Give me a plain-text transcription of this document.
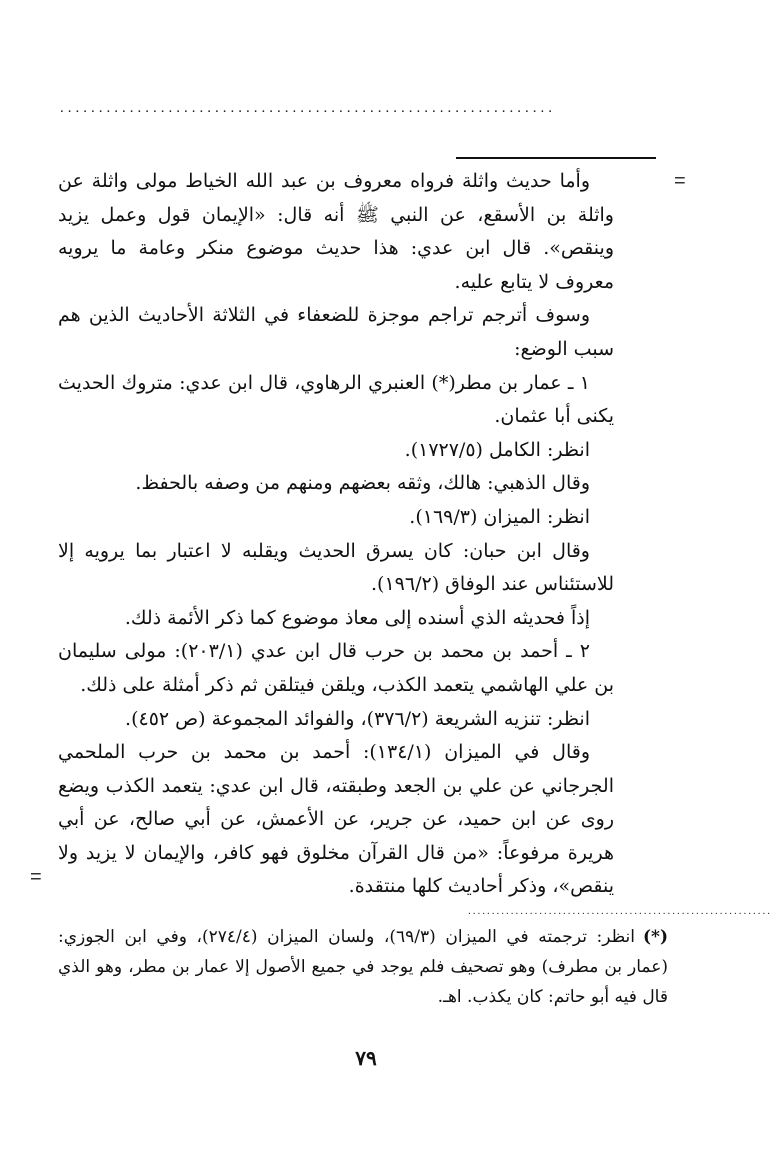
................................................................
=
=

وأما حديث واثلة فرواه معروف بن عبد الله الخياط مولى واثلة عن واثلة بن الأسقع، عن النبي ﷺ أنه قال: «الإيمان قول وعمل يزيد وينقص». قال ابن عدي: هذا حديث موضوع منكر وعامة ما يرويه معروف لا يتابع عليه.

وسوف أترجم تراجم موجزة للضعفاء في الثلاثة الأحاديث الذين هم سبب الوضع:

١ ـ عمار بن مطر(*) العنبري الرهاوي، قال ابن عدي: متروك الحديث يكنى أبا عثمان.

انظر: الكامل (١٧٢٧/٥).

وقال الذهبي: هالك، وثقه بعضهم ومنهم من وصفه بالحفظ.

انظر: الميزان (١٦٩/٣).

وقال ابن حبان: كان يسرق الحديث ويقلبه لا اعتبار بما يرويه إلا للاستئناس عند الوفاق (١٩٦/٢).

إذاً فحديثه الذي أسنده إلى معاذ موضوع كما ذكر الأئمة ذلك.

٢ ـ أحمد بن محمد بن حرب قال ابن عدي (٢٠٣/١): مولى سليمان بن علي الهاشمي يتعمد الكذب، ويلقن فيتلقن ثم ذكر أمثلة على ذلك.

انظر: تنزيه الشريعة (٣٧٦/٢)، والفوائد المجموعة (ص ٤٥٢).

وقال في الميزان (١٣٤/١): أحمد بن محمد بن حرب الملحمي الجرجاني عن علي بن الجعد وطبقته، قال ابن عدي: يتعمد الكذب ويضع روى عن ابن حميد، عن جرير، عن الأعمش، عن أبي صالح، عن أبي هريرة مرفوعاً: «من قال القرآن مخلوق فهو كافر، والإيمان لا يزيد ولا ينقص»، وذكر أحاديث كلها منتقدة.

................................................................

(*)انظر: ترجمته في الميزان (٦٩/٣)، ولسان الميزان (٢٧٤/٤)، وفي ابن الجوزي: (عمار بن مطرف) وهو تصحيف فلم يوجد في جميع الأصول إلا عمار بن مطر، وهو الذي قال فيه أبو حاتم: كان يكذب. اهـ.

٧٩
